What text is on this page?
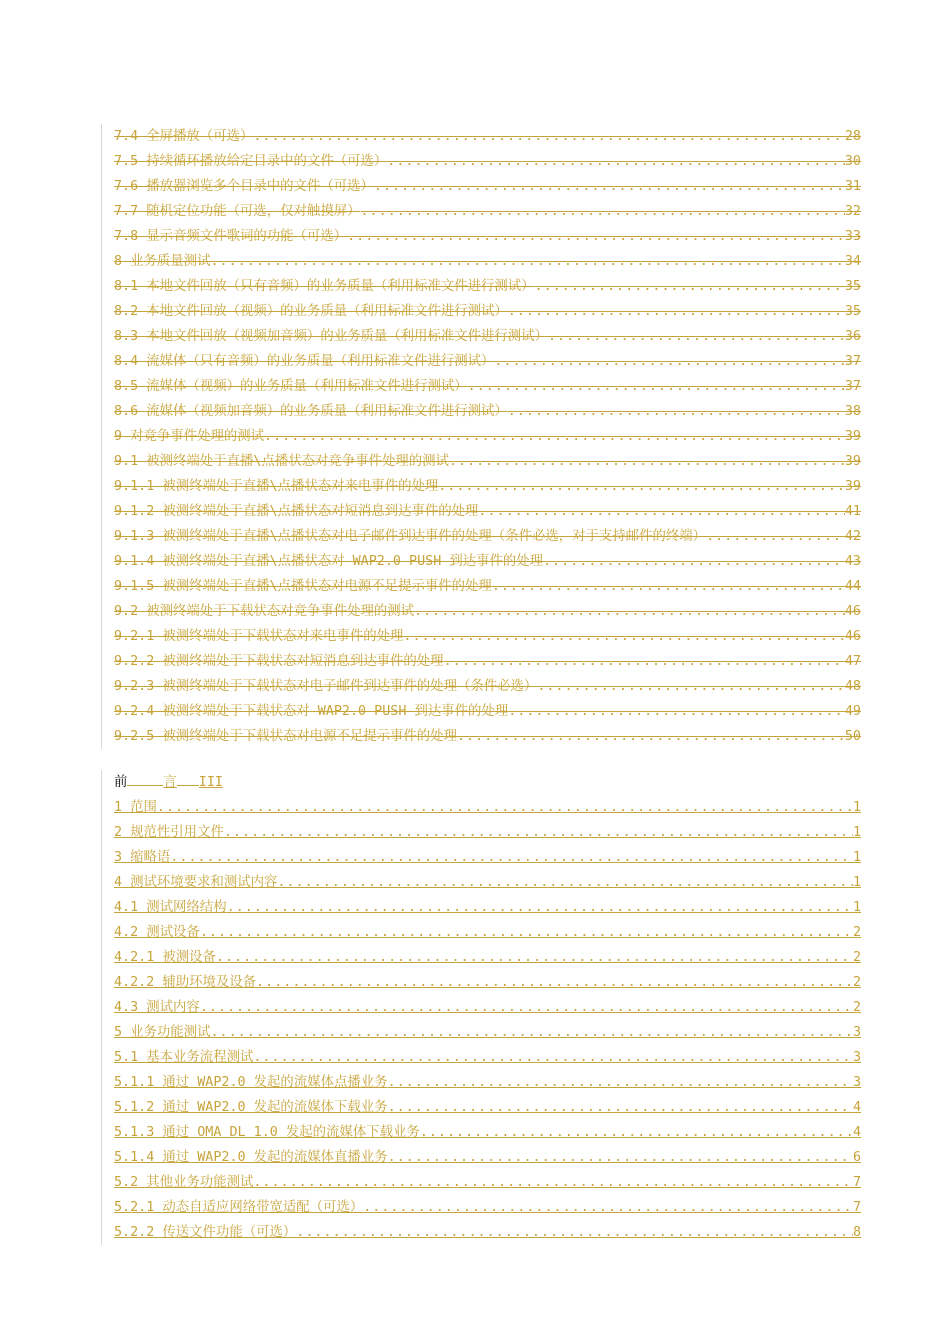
7.4 全屏播放（可选） .....	28
7.5 持续循环播放给定目录中的文件（可选） .....	30
7.6 播放器浏览多个目录中的文件（可选） .....	31
7.7 随机定位功能（可选，仅对触摸屏） .....	32
7.8 显示音频文件歌词的功能（可选） .....	33
8 业务质量测试 .....	34
8.1 本地文件回放（只有音频）的业务质量（利用标准文件进行测试） .....	35
8.2 本地文件回放（视频）的业务质量（利用标准文件进行测试） .....	35
8.3 本地文件回放（视频加音频）的业务质量（利用标准文件进行测试） .....	36
8.4 流媒体（只有音频）的业务质量（利用标准文件进行测试） .....	37
8.5 流媒体（视频）的业务质量（利用标准文件进行测试） .....	37
8.6 流媒体（视频加音频）的业务质量（利用标准文件进行测试） .....	38
9 对竞争事件处理的测试 .....	39
9.1 被测终端处于直播\点播状态对竞争事件处理的测试 .....	39
9.1.1 被测终端处于直播\点播状态对来电事件的处理 .....	39
9.1.2 被测终端处于直播\点播状态对短消息到达事件的处理 .....	41
9.1.3 被测终端处于直播\点播状态对电子邮件到达事件的处理（条件必选，对于支持邮件的终端） .....	42
9.1.4 被测终端处于直播\点播状态对 WAP2.0 PUSH 到达事件的处理 .....	43
9.1.5 被测终端处于直播\点播状态对电源不足提示事件的处理 .....	44
9.2 被测终端处于下载状态对竞争事件处理的测试 .....	46
9.2.1 被测终端处于下载状态对来电事件的处理 .....	46
9.2.2 被测终端处于下载状态对短消息到达事件的处理 .....	47
9.2.3 被测终端处于下载状态对电子邮件到达事件的处理（条件必选） .....	48
9.2.4 被测终端处于下载状态对 WAP2.0 PUSH 到达事件的处理 .....	49
9.2.5 被测终端处于下载状态对电源不足提示事件的处理 .....	50
前	言 III
1 范围 .....	1
2 规范性引用文件 .....	1
3 缩略语 .....	1
4 测试环境要求和测试内容 .....	1
4.1 测试网络结构 .....	1
4.2 测试设备 .....	2
4.2.1 被测设备 .....	2
4.2.2 辅助环境及设备 .....	2
4.3 测试内容 .....	2
5 业务功能测试 .....	3
5.1 基本业务流程测试 .....	3
5.1.1 通过 WAP2.0 发起的流媒体点播业务 .....	3
5.1.2 通过 WAP2.0 发起的流媒体下载业务 .....	4
5.1.3 通过 OMA DL 1.0 发起的流媒体下载业务 .....	4
5.1.4 通过 WAP2.0 发起的流媒体直播业务 .....	6
5.2 其他业务功能测试 .....	7
5.2.1 动态自适应网络带宽适配（可选） .....	7
5.2.2 传送文件功能（可选） .....	8
